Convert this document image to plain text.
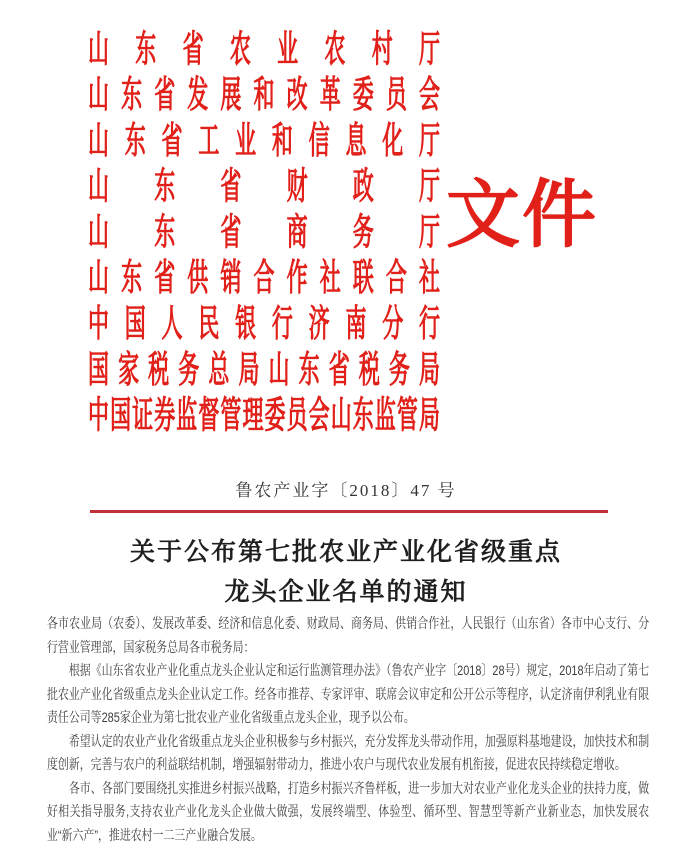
山东省农业农村厅
山东省发展和改革委员会
山东省工业和信息化厅
山东省财政厅
山东省商务厅
山东省供销合作社联合社
中国人民银行济南分行
国家税务总局山东省税务局
中国证券监督管理委员会山东监管局
文件
鲁农产业字〔2018〕47 号
关于公布第七批农业产业化省级重点
龙头企业名单的通知

各市农业局（农委）、发展改革委、经济和信息化委、财政局、商务局、供销合作社，人民银行（山东省）各市中心支行、分行营业管理部，国家税务总局各市税务局：

根据《山东省农业产业化重点龙头企业认定和运行监测管理办法》（鲁农产业字〔2018〕28号）规定，2018年启动了第七批农业产业化省级重点龙头企业认定工作。经各市推荐、专家评审、联席会议审定和公开公示等程序，认定济南伊利乳业有限责任公司等285家企业为第七批农业产业化省级重点龙头企业，现予以公布。

希望认定的农业产业化省级重点龙头企业积极参与乡村振兴，充分发挥龙头带动作用，加强原料基地建设，加快技术和制度创新，完善与农户的利益联结机制，增强辐射带动力，推进小农户与现代农业发展有机衔接，促进农民持续稳定增收。

各市、各部门要围绕扎实推进乡村振兴战略，打造乡村振兴齐鲁样板，进一步加大对农业产业化龙头企业的扶持力度，做好相关指导服务,支持农业产业化龙头企业做大做强，发展终端型、体验型、循环型、智慧型等新产业新业态，加快发展农业“新六产”，推进农村一二三产业融合发展。
